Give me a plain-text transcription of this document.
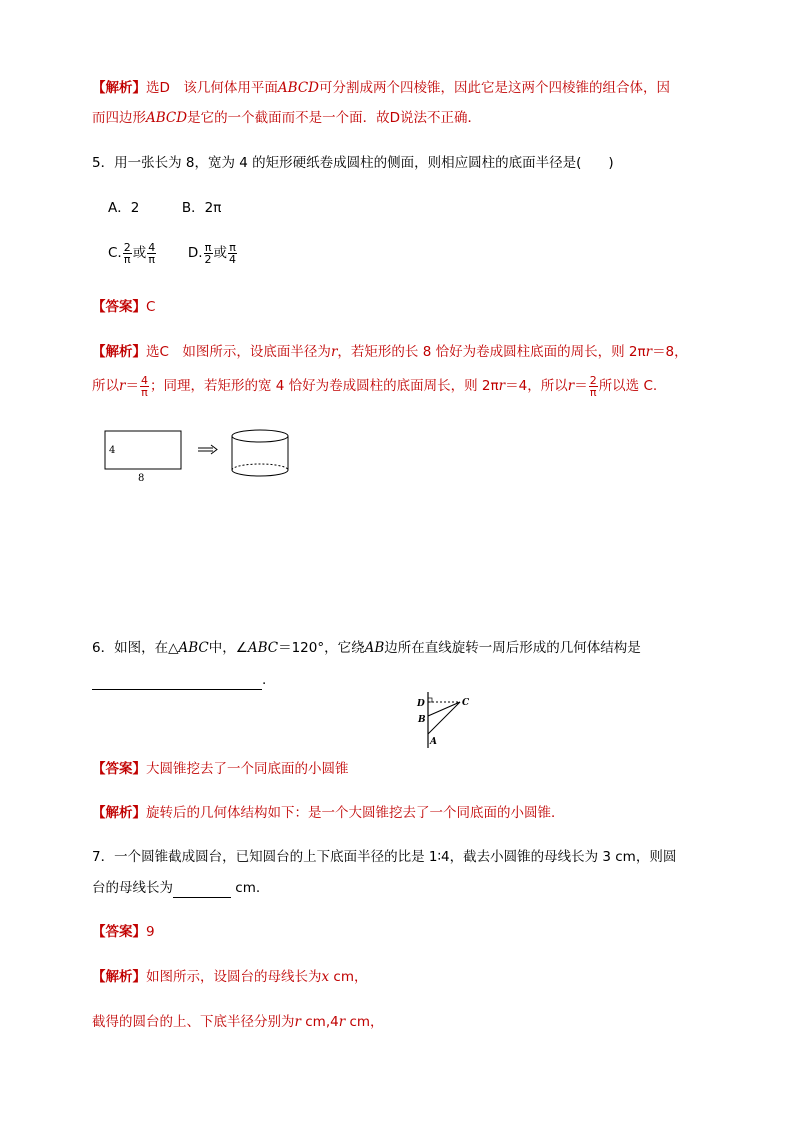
【解析】选D　该几何体用平面ABCD可分割成两个四棱锥，因此它是这两个四棱锥的组合体，因
而四边形ABCD是它的一个截面而不是一个面．故D说法不正确．
5．用一张长为 8，宽为 4 的矩形硬纸卷成圆柱的侧面，则相应圆柱的底面半径是(　　)
A．2	B．2π
C. $\frac{2}{\pi}$ 或 $\frac{4}{\pi} D$. $\frac{\pi}{2}$ 或 $\frac{\pi}{4}$
【答案】C
【解析】选C　如图所示，设底面半径为r，若矩形的长 8 恰好为卷成圆柱底面的周长，则 2πr＝8，
所以$r= \frac{4}{\pi}$ ；同理，若矩形的宽 4 恰好为卷成圆柱的底面周长，则 2πr＝4，所以$r= \frac{2}{\pi}$ 所以选 C.
4
8
6．如图，在△ABC中，∠ABC＝120°，它绕AB边所在直线旋转一周后形成的几何体结构是
.
D	C
B
A
【答案】大圆锥挖去了一个同底面的小圆锥
【解析】旋转后的几何体结构如下：是一个大圆锥挖去了一个同底面的小圆锥．
7．一个圆锥截成圆台，已知圆台的上下底面半径的比是 1∶4，截去小圆锥的母线长为 3 cm，则圆
台的母线长为	cm.
【答案】9
【解析】如图所示，设圆台的母线长为x cm，
截得的圆台的上、下底半径分别为r cm,4r cm，
